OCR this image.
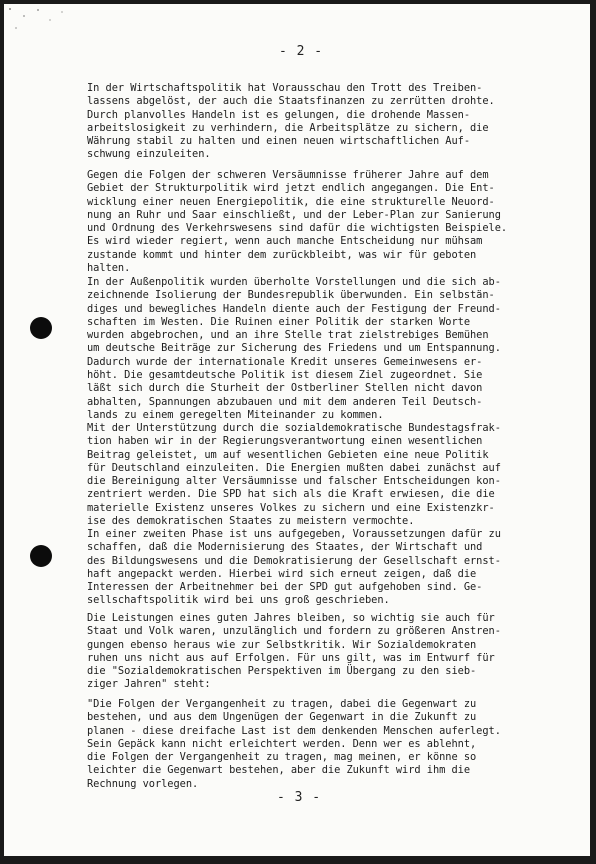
- 2 -

In der Wirtschaftspolitik hat Vorausschau den Trott des Treiben-
lassens abgelöst, der auch die Staatsfinanzen zu zerrütten drohte.
Durch planvolles Handeln ist es gelungen, die drohende Massen-
arbeitslosigkeit zu verhindern, die Arbeitsplätze zu sichern, die
Währung stabil zu halten und einen neuen wirtschaftlichen Auf-
schwung einzuleiten.

Gegen die Folgen der schweren Versäumnisse früherer Jahre auf dem
Gebiet der Strukturpolitik wird jetzt endlich angegangen. Die Ent-
wicklung einer neuen Energiepolitik, die eine strukturelle Neuord-
nung an Ruhr und Saar einschließt, und der Leber-Plan zur Sanierung
und Ordnung des Verkehrswesens sind dafür die wichtigsten Beispiele.
Es wird wieder regiert, wenn auch manche Entscheidung nur mühsam
zustande kommt und hinter dem zurückbleibt, was wir für geboten
halten.

In der Außenpolitik wurden überholte Vorstellungen und die sich ab-
zeichnende Isolierung der Bundesrepublik überwunden. Ein selbstän-
diges und bewegliches Handeln diente auch der Festigung der Freund-
schaften im Westen. Die Ruinen einer Politik der starken Worte
wurden abgebrochen, und an ihre Stelle trat zielstrebiges Bemühen
um deutsche Beiträge zur Sicherung des Friedens und um Entspannung.
Dadurch wurde der internationale Kredit unseres Gemeinwesens er-
höht. Die gesamtdeutsche Politik ist diesem Ziel zugeordnet. Sie
läßt sich durch die Sturheit der Ostberliner Stellen nicht davon
abhalten, Spannungen abzubauen und mit dem anderen Teil Deutsch-
lands zu einem geregelten Miteinander zu kommen.

Mit der Unterstützung durch die sozialdemokratische Bundestagsfrak-
tion haben wir in der Regierungsverantwortung einen wesentlichen
Beitrag geleistet, um auf wesentlichen Gebieten eine neue Politik
für Deutschland einzuleiten. Die Energien mußten dabei zunächst auf
die Bereinigung alter Versäumnisse und falscher Entscheidungen kon-
zentriert werden. Die SPD hat sich als die Kraft erwiesen, die die
materielle Existenz unseres Volkes zu sichern und eine Existenzkr-
ise des demokratischen Staates zu meistern vermochte.

In einer zweiten Phase ist uns aufgegeben, Voraussetzungen dafür zu
schaffen, daß die Modernisierung des Staates, der Wirtschaft und
des Bildungswesens und die Demokratisierung der Gesellschaft ernst-
haft angepackt werden. Hierbei wird sich erneut zeigen, daß die
Interessen der Arbeitnehmer bei der SPD gut aufgehoben sind. Ge-
sellschaftspolitik wird bei uns groß geschrieben.

Die Leistungen eines guten Jahres bleiben, so wichtig sie auch für
Staat und Volk waren, unzulänglich und fordern zu größeren Anstren-
gungen ebenso heraus wie zur Selbstkritik. Wir Sozialdemokraten
ruhen uns nicht aus auf Erfolgen. Für uns gilt, was im Entwurf für
die "Sozialdemokratischen Perspektiven im Übergang zu den sieb-
ziger Jahren" steht:

"Die Folgen der Vergangenheit zu tragen, dabei die Gegenwart zu
bestehen, und aus dem Ungenügen der Gegenwart in die Zukunft zu
planen - diese dreifache Last ist dem denkenden Menschen auferlegt.
Sein Gepäck kann nicht erleichtert werden. Denn wer es ablehnt,
die Folgen der Vergangenheit zu tragen, mag meinen, er könne so
leichter die Gegenwart bestehen, aber die Zukunft wird ihm die
Rechnung vorlegen.

- 3 -
